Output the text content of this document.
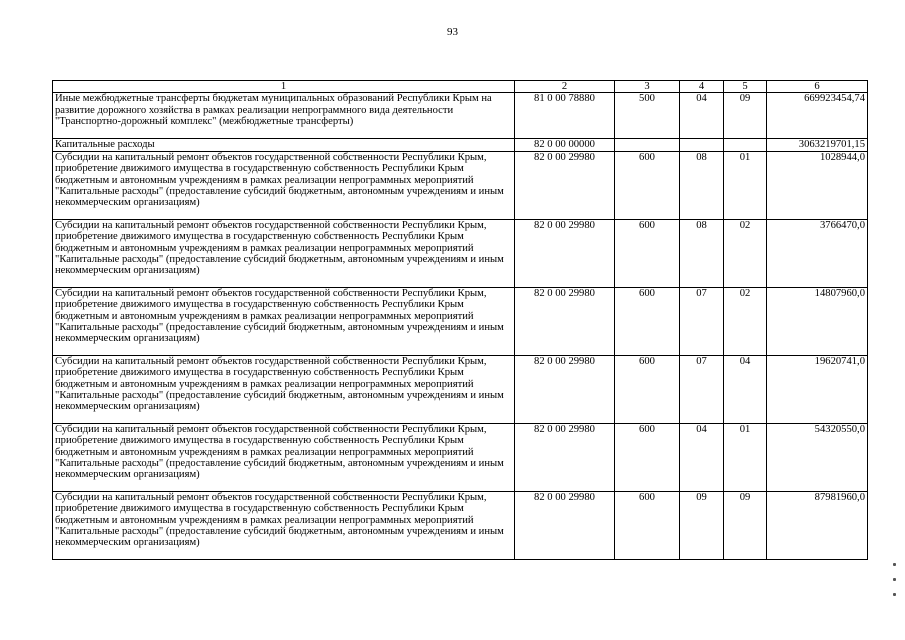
93
1	2	3	4	5	6
Иные межбюджетные трансферты бюджетам муниципальных образований Республики Крым на развитие дорожного хозяйства в рамках реализации непрограммного вида деятельности "Транспортно-дорожный комплекс" (межбюджетные трансферты)	81 0 00 78880	500	04	09	669923454,74
Капитальные расходы	82 0 00 00000				3063219701,15
Субсидии на капитальный ремонт объектов государственной собственности Республики Крым, приобретение движимого имущества в государственную собственность Республики Крым бюджетным и автономным учреждениям в рамках реализации непрограммных мероприятий "Капитальные расходы" (предоставление субсидий бюджетным, автономным учреждениям и иным некоммерческим организациям)	82 0 00 29980	600	08	01	1028944,0
Субсидии на капитальный ремонт объектов государственной собственности Республики Крым, приобретение движимого имущества в государственную собственность Республики Крым бюджетным и автономным учреждениям в рамках реализации непрограммных мероприятий "Капитальные расходы" (предоставление субсидий бюджетным, автономным учреждениям и иным некоммерческим организациям)	82 0 00 29980	600	08	02	3766470,0
Субсидии на капитальный ремонт объектов государственной собственности Республики Крым, приобретение движимого имущества в государственную собственность Республики Крым бюджетным и автономным учреждениям в рамках реализации непрограммных мероприятий "Капитальные расходы" (предоставление субсидий бюджетным, автономным учреждениям и иным некоммерческим организациям)	82 0 00 29980	600	07	02	14807960,0
Субсидии на капитальный ремонт объектов государственной собственности Республики Крым, приобретение движимого имущества в государственную собственность Республики Крым бюджетным и автономным учреждениям в рамках реализации непрограммных мероприятий "Капитальные расходы" (предоставление субсидий бюджетным, автономным учреждениям и иным некоммерческим организациям)	82 0 00 29980	600	07	04	19620741,0
Субсидии на капитальный ремонт объектов государственной собственности Республики Крым, приобретение движимого имущества в государственную собственность Республики Крым бюджетным и автономным учреждениям в рамках реализации непрограммных мероприятий "Капитальные расходы" (предоставление субсидий бюджетным, автономным учреждениям и иным некоммерческим организациям)	82 0 00 29980	600	04	01	54320550,0
Субсидии на капитальный ремонт объектов государственной собственности Республики Крым, приобретение движимого имущества в государственную собственность Республики Крым бюджетным и автономным учреждениям в рамках реализации непрограммных мероприятий "Капитальные расходы" (предоставление субсидий бюджетным, автономным учреждениям и иным некоммерческим организациям)	82 0 00 29980	600	09	09	87981960,0
